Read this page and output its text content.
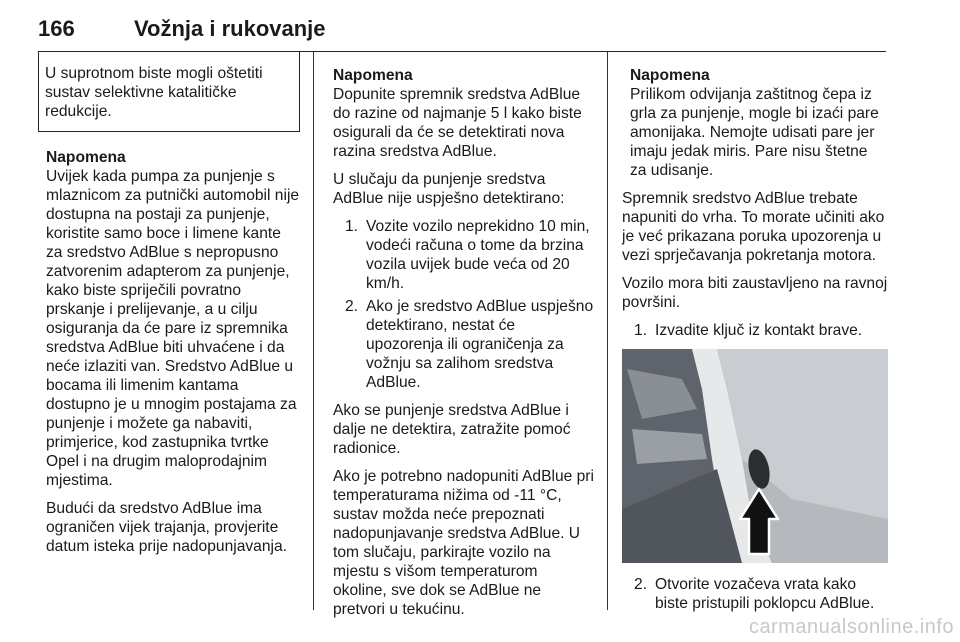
166	Vožnja i rukovanje
U suprotnom biste mogli oštetiti sustav selektivne katalitičke redukcije.
Napomena
Uvijek kada pumpa za punjenje s mlaznicom za putnički automobil nije dostupna na postaji za punjenje, koristite samo boce i limene kante za sredstvo AdBlue s nepropusno zatvorenim adapterom za punjenje, kako biste spriječili povratno prskanje i prelijevanje, a u cilju osiguranja da će pare iz spremnika sredstva AdBlue biti uhvaćene i da neće izlaziti van. Sredstvo AdBlue u bocama ili limenim kantama dostupno je u mnogim postajama za punjenje i možete ga nabaviti, primjerice, kod zastupnika tvrtke Opel i na drugim maloprodajnim mjestima.

Budući da sredstvo AdBlue ima ograničen vijek trajanja, provjerite datum isteka prije nadopunjavanja.

Napomena
Dopunite spremnik sredstva AdBlue do razine od najmanje 5 l kako biste osigurali da će se detektirati nova razina sredstva AdBlue.

U slučaju da punjenje sredstva AdBlue nije uspješno detektirano:

1. Vozite vozilo neprekidno 10 min, vodeći računa o tome da brzina vozila uvijek bude veća od 20 km/h.
2. Ako je sredstvo AdBlue uspješno detektirano, nestat će upozorenja ili ograničenja za vožnju sa zalihom sredstva AdBlue.

Ako se punjenje sredstva AdBlue i dalje ne detektira, zatražite pomoć radionice.

Ako je potrebno nadopuniti AdBlue pri temperaturama nižima od -11 °C, sustav možda neće prepoznati nadopunjavanje sredstva AdBlue. U tom slučaju, parkirajte vozilo na mjestu s višom temperaturom okoline, sve dok se AdBlue ne pretvori u tekućinu.

Napomena
Prilikom odvijanja zaštitnog čepa iz grla za punjenje, mogle bi izaći pare amonijaka. Nemojte udisati pare jer imaju jedak miris. Pare nisu štetne za udisanje.

Spremnik sredstvo AdBlue trebate napuniti do vrha. To morate učiniti ako je već prikazana poruka upozorenja u vezi sprječavanja pokretanja motora.

Vozilo mora biti zaustavljeno na ravnoj površini.

1. Izvadite ključ iz kontakt brave.
2. Otvorite vozačeva vrata kako biste pristupili poklopcu AdBlue.
carmanualsonline.info
